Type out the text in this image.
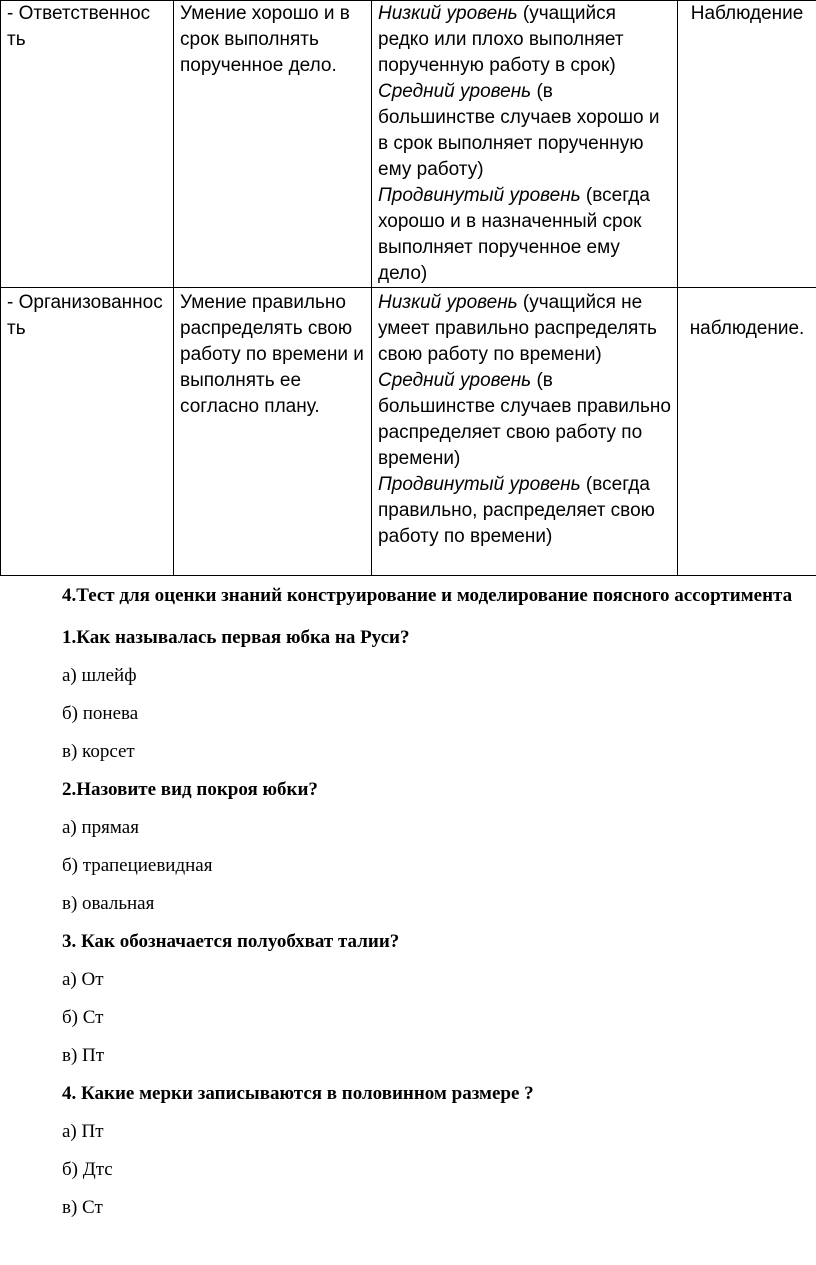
- Ответственность	Умение хорошо и в срок выполнять порученное дело.	Низкий уровень (учащийся редко или плохо выполняет порученную работу в срок)
Средний уровень (в большинстве случаев хорошо и в срок выполняет порученную ему работу)
Продвинутый уровень (всегда хорошо и в назначенный срок выполняет порученное ему дело)	Наблюдение

- Организованность	Умение правильно распределять свою работу по времени и выполнять ее согласно плану.	Низкий уровень (учащийся не умеет правильно распределять свою работу по времени)
Средний уровень (в большинстве случаев правильно распределяет свою работу по времени)
Продвинутый уровень (всегда правильно, распределяет свою работу по времени)	наблюдение.

4.Тест для оценки знаний конструирование и моделирование поясного ассортимента

1.Как называлась первая юбка на Руси?
а) шлейф
б) понева
в) корсет
2.Назовите вид покроя юбки?
а) прямая
б) трапециевидная
в) овальная
3. Как обозначается полуобхват талии?
а) От
б) Ст
в) Пт
4. Какие мерки записываются в половинном размере ?
а) Пт
б) Дтс
в) Ст
